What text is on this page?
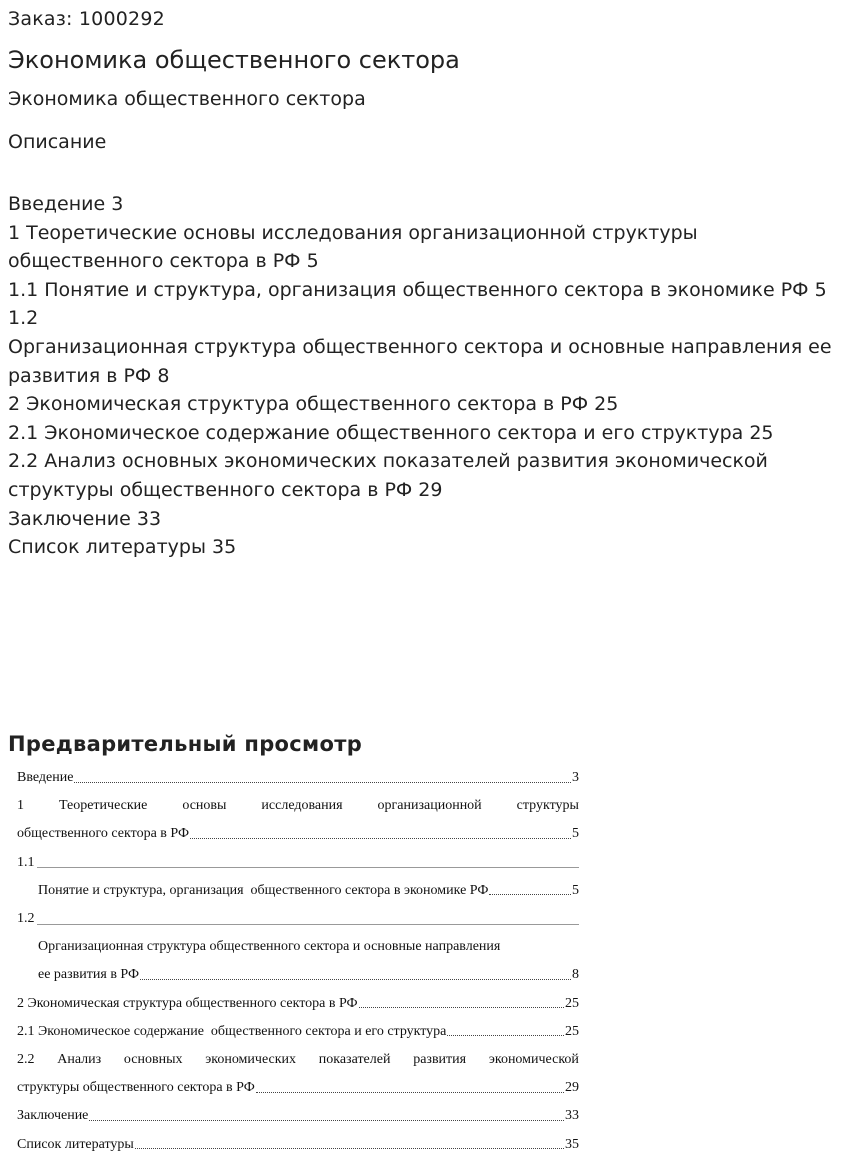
Заказ: 1000292
Экономика общественного сектора
Экономика общественного сектора
Описание
Введение 3
1 Теоретические основы исследования организационной структуры общественного сектора в РФ 5
1.1 Понятие и структура, организация общественного сектора в экономике РФ 5
1.2
Организационная структура общественного сектора и основные направления ее развития в РФ 8
2 Экономическая структура общественного сектора в РФ 25
2.1 Экономическое содержание общественного сектора и его структура 25
2.2 Анализ основных экономических показателей развития экономической структуры общественного сектора в РФ 29
Заключение 33
Список литературы 35
Предварительный просмотр
Введение	3
1 Теоретические основы исследования организационной структуры
общественного сектора в РФ	5
1.1
Понятие и структура, организация  общественного сектора в экономике РФ	5
1.2
Организационная структура общественного сектора и основные направления
ее развития в РФ	8
2 Экономическая структура общественного сектора в РФ	25
2.1 Экономическое содержание  общественного сектора и его структура	25
2.2 Анализ основных экономических показателей развития экономической
структуры общественного сектора в РФ	29
Заключение	33
Список литературы	35
